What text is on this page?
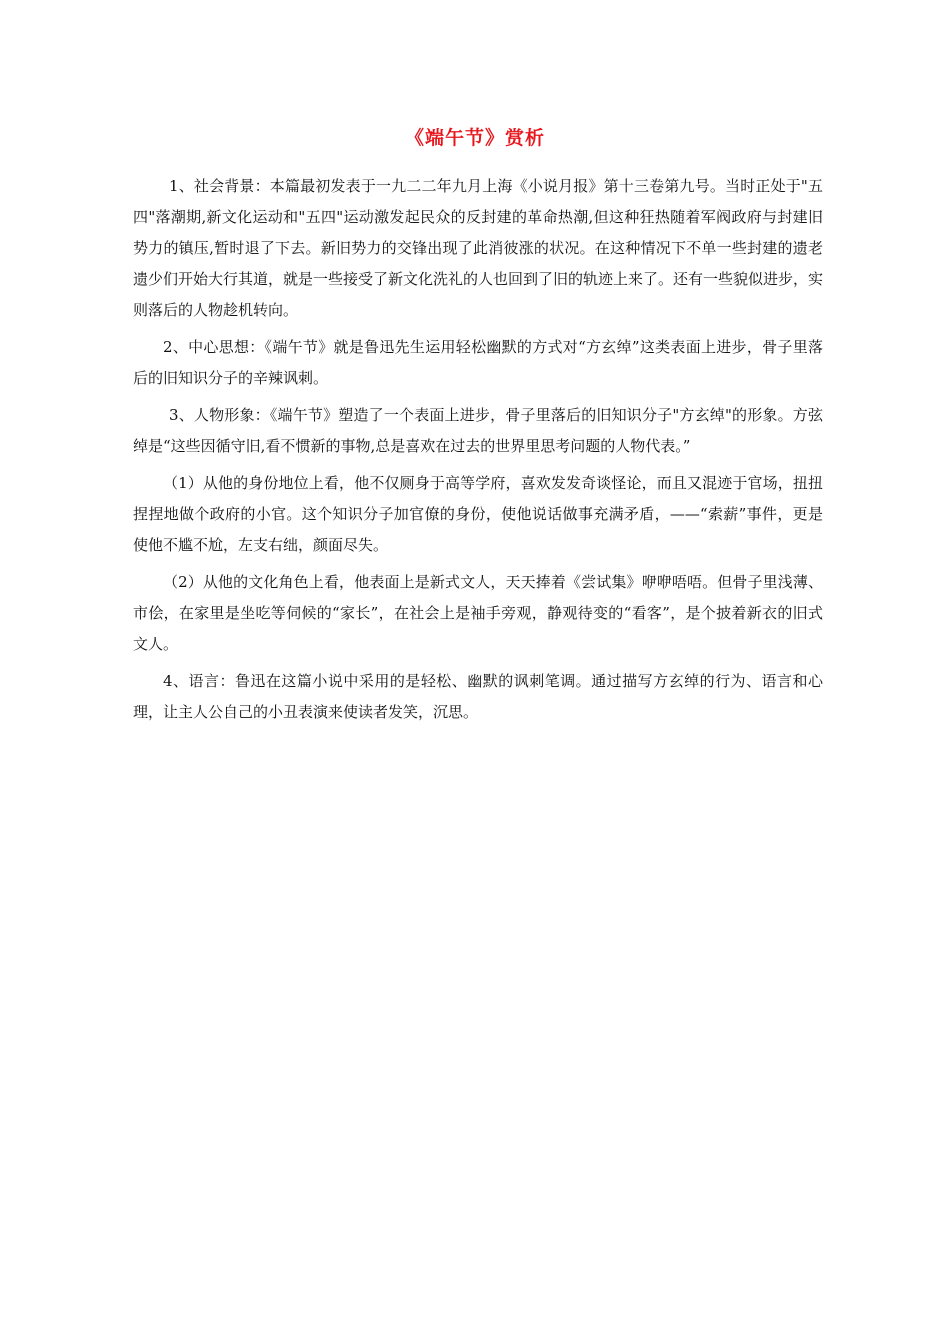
《端午节》赏析

1、社会背景：本篇最初发表于一九二二年九月上海《小说月报》第十三卷第九号。当时正处于"五四"落潮期,新文化运动和"五四"运动激发起民众的反封建的革命热潮,但这种狂热随着军阀政府与封建旧势力的镇压,暂时退了下去。新旧势力的交锋出现了此消彼涨的状况。在这种情况下不单一些封建的遗老遗少们开始大行其道，就是一些接受了新文化洗礼的人也回到了旧的轨迹上来了。还有一些貌似进步，实则落后的人物趁机转向。

2、中心思想：《端午节》就是鲁迅先生运用轻松幽默的方式对“方玄绰”这类表面上进步，骨子里落后的旧知识分子的辛辣讽刺。

3、人物形象：《端午节》塑造了一个表面上进步，骨子里落后的旧知识分子"方玄绰"的形象。方弦绰是“这些因循守旧,看不惯新的事物,总是喜欢在过去的世界里思考问题的人物代表。”

（1）从他的身份地位上看，他不仅厕身于高等学府，喜欢发发奇谈怪论，而且又混迹于官场，扭扭捏捏地做个政府的小官。这个知识分子加官僚的身份，使他说话做事充满矛盾，——“索薪”事件，更是使他不尴不尬，左支右绌，颜面尽失。

（2）从他的文化角色上看，他表面上是新式文人，天天捧着《尝试集》咿咿唔唔。但骨子里浅薄、市侩，在家里是坐吃等伺候的“家长”，在社会上是袖手旁观，静观待变的“看客”，是个披着新衣的旧式文人。

4、语言：鲁迅在这篇小说中采用的是轻松、幽默的讽刺笔调。通过描写方玄绰的行为、语言和心理，让主人公自己的小丑表演来使读者发笑，沉思。
